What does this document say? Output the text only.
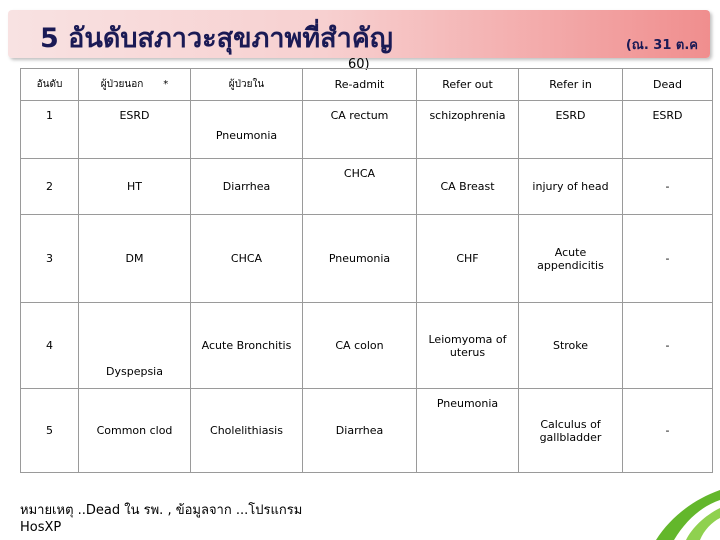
5 อันดับสภาวะสุขภาพที่สำคัญ	(ณ. 31 ต.ค
60)
อันดับ	ผู้ป่วยนอก *	ผู้ป่วยใน	Re-admit	Refer out	Refer in	Dead
1	ESRD	Pneumonia	CA rectum	schizophrenia	ESRD	ESRD
2	HT	Diarrhea	CHCA	CA Breast	injury of head	-
3	DM	CHCA	Pneumonia	CHF	Acute appendicitis	-
4	Dyspepsia	Acute Bronchitis	CA colon	Leiomyoma of uterus	Stroke	-
5	Common clod	Cholelithiasis	Diarrhea	Pneumonia	Calculus of gallbladder	-
หมายเหตุ ..Dead ใน รพ. , ข้อมูลจาก ...โปรแกรม
HosXP
